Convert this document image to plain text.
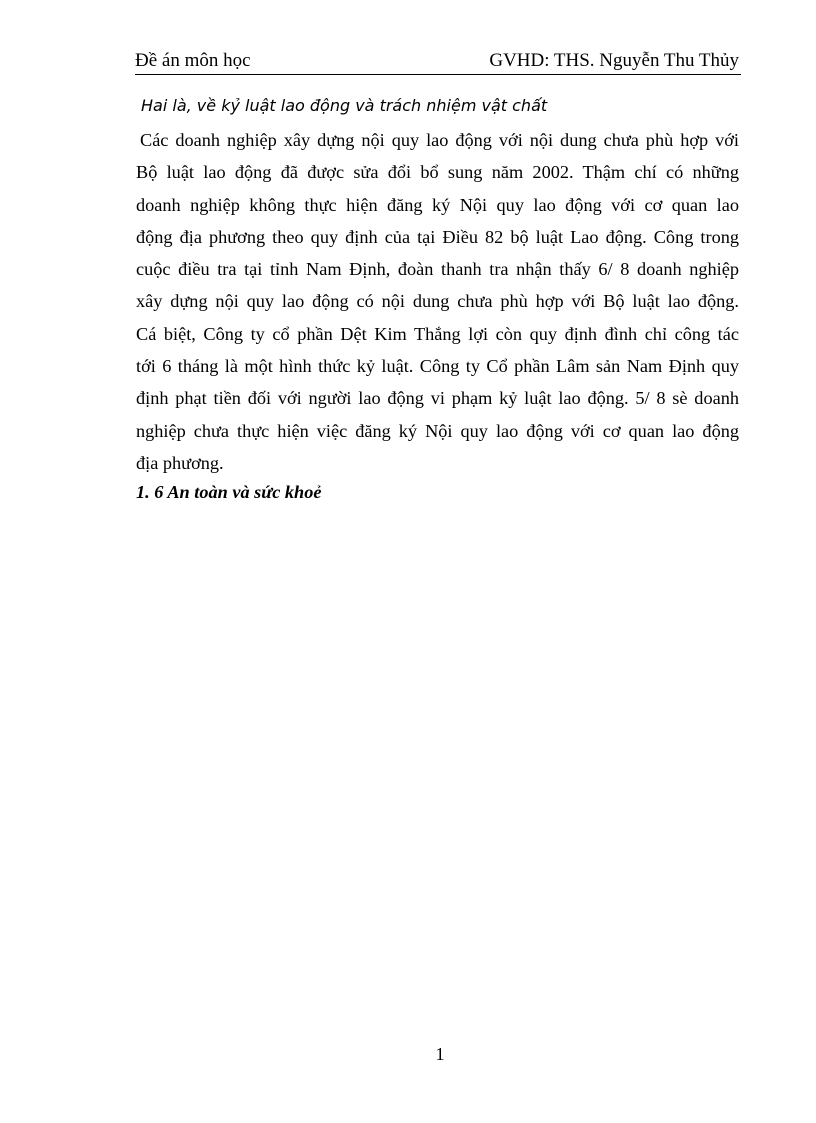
Đề án môn học	GVHD: THS. Nguyễn Thu Thủy
Hai là, về kỷ luật lao động và trách nhiệm vật chất
Các doanh nghiệp xây dựng nội quy lao động với nội dung chưa phù hợp với
Bộ luật lao động đã được sửa đổi bổ sung năm 2002. Thậm chí có những
doanh nghiệp không thực hiện đăng ký Nội quy lao động với cơ quan lao
động địa phương theo quy định của tại Điều 82 bộ luật Lao động. Công trong
cuộc điều tra tại tỉnh Nam Định, đoàn thanh tra nhận thấy 6/ 8 doanh nghiệp
xây dựng nội quy lao động có nội dung chưa phù hợp với Bộ luật lao động.
Cá biệt, Công ty cổ phần Dệt Kim Thắng lợi còn quy định đình chỉ công tác
tới 6 tháng là một hình thức kỷ luật. Công ty Cổ phần Lâm sản Nam Định quy
định phạt tiền đối với người lao động vi phạm kỷ luật lao động. 5/ 8 sè doanh
nghiệp chưa thực hiện việc đăng ký Nội quy lao động với cơ quan lao động
địa phương.
1. 6 An toàn và sức khoẻ
1
